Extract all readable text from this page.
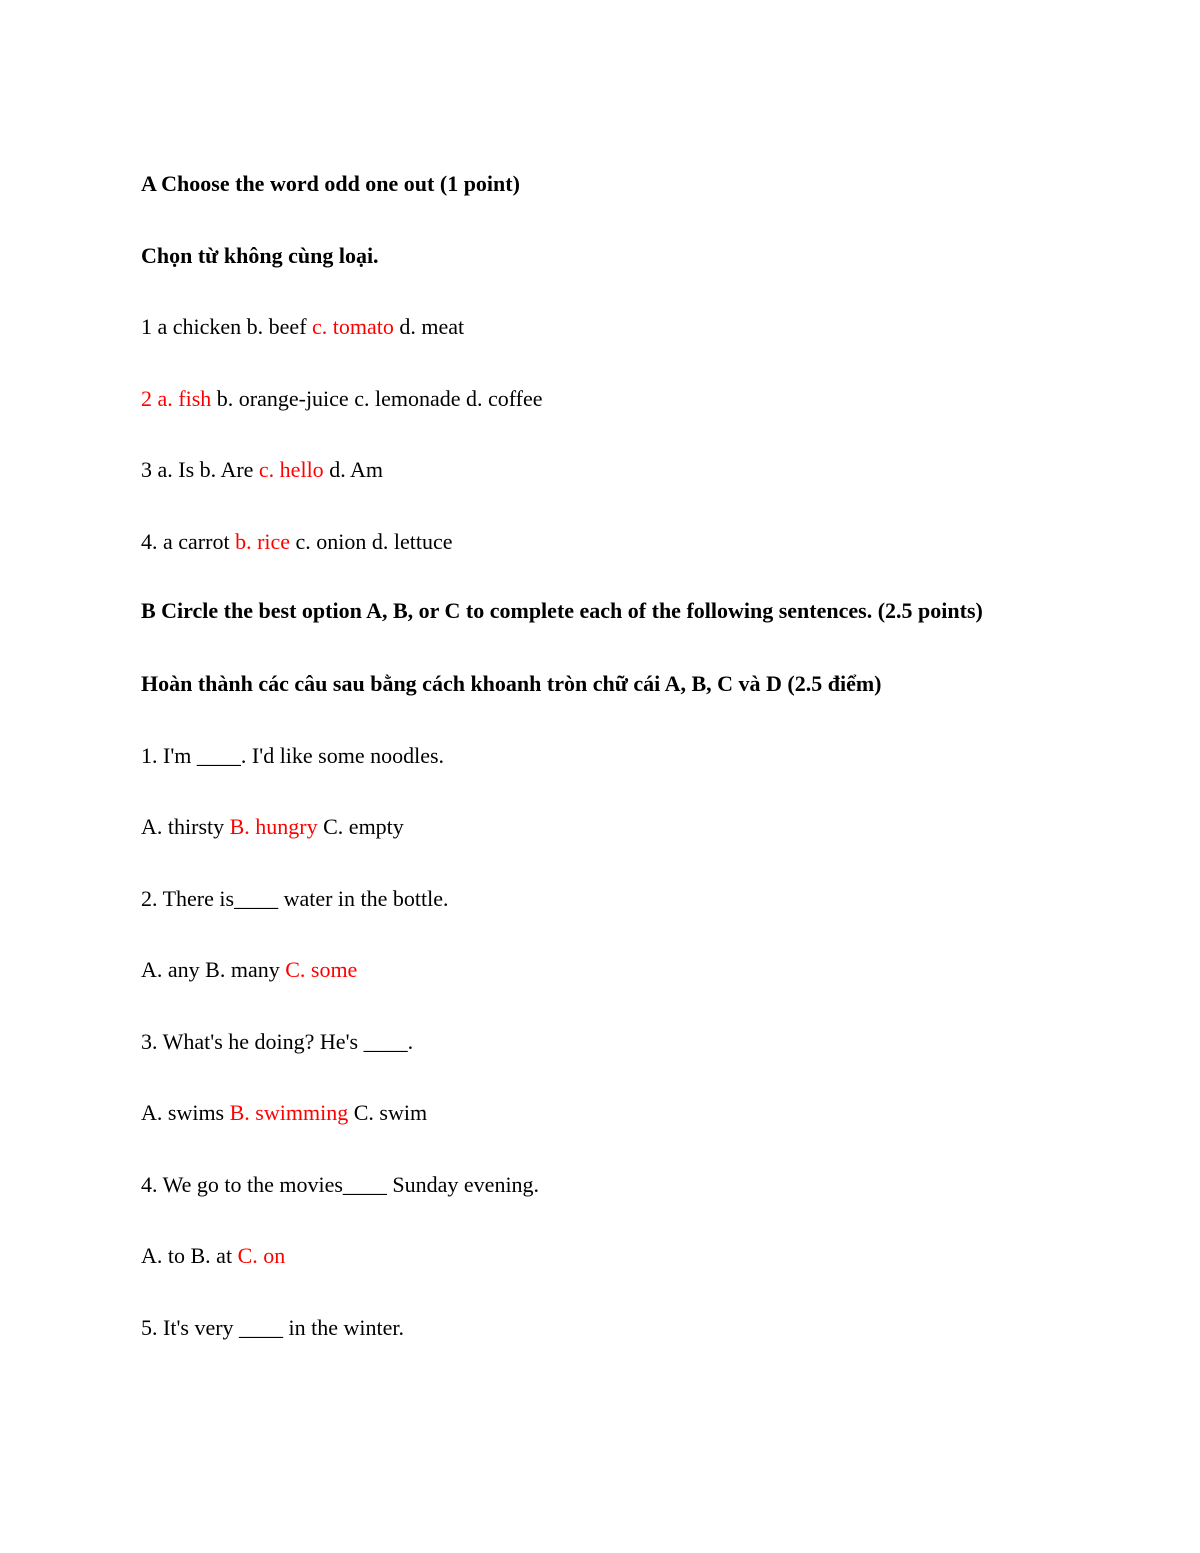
A Choose the word odd one out (1 point)
Chọn từ không cùng loại.
1 a chicken b. beef c. tomato d. meat
2 a. fish b. orange-juice c. lemonade d. coffee
3 a. Is b. Are c. hello d. Am
4. a carrot b. rice c. onion d. lettuce
B Circle the best option A, B, or C to complete each of the following sentences. (2.5 points)
Hoàn thành các câu sau bằng cách khoanh tròn chữ cái A, B, C và D (2.5 điểm)
1. I'm ____. I'd like some noodles.
A. thirsty B. hungry C. empty
2. There is____ water in the bottle.
A. any B. many C. some
3. What's he doing? He's ____.
A. swims B. swimming C. swim
4. We go to the movies____ Sunday evening.
A. to B. at C. on
5. It's very ____ in the winter.
